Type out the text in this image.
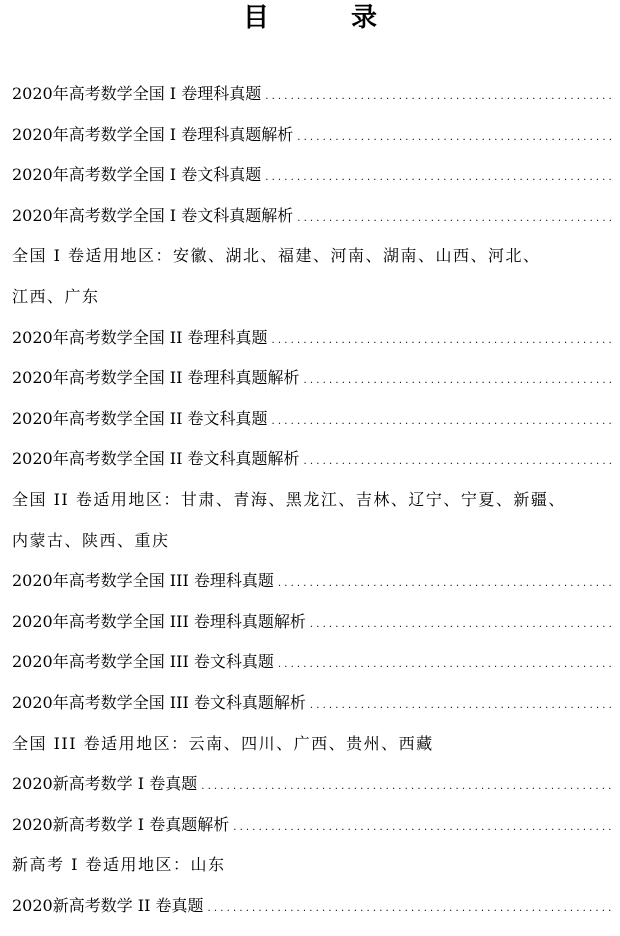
目　录
2020年高考数学全国 I 卷理科真题
. . .
2020年高考数学全国 I 卷理科真题解析
. . .
2020年高考数学全国 I 卷文科真题
. . .
2020年高考数学全国 I 卷文科真题解析
. . .
全国 I 卷适用地区：安徽、湖北、福建、河南、湖南、山西、河北、
江西、广东
2020年高考数学全国 II 卷理科真题
. . .
2020年高考数学全国 II 卷理科真题解析
. . .
2020年高考数学全国 II 卷文科真题
. . .
2020年高考数学全国 II 卷文科真题解析
. . .
全国 II 卷适用地区：甘肃、青海、黑龙江、吉林、辽宁、宁夏、新疆、
内蒙古、陕西、重庆
2020年高考数学全国 III 卷理科真题
. . .
2020年高考数学全国 III 卷理科真题解析
. . .
2020年高考数学全国 III 卷文科真题
. . .
2020年高考数学全国 III 卷文科真题解析
. . .
全国 III 卷适用地区：云南、四川、广西、贵州、西藏
2020新高考数学 I 卷真题
. . .
2020新高考数学 I 卷真题解析
. . .
新高考 I 卷适用地区：山东
2020新高考数学 II 卷真题
. . .
